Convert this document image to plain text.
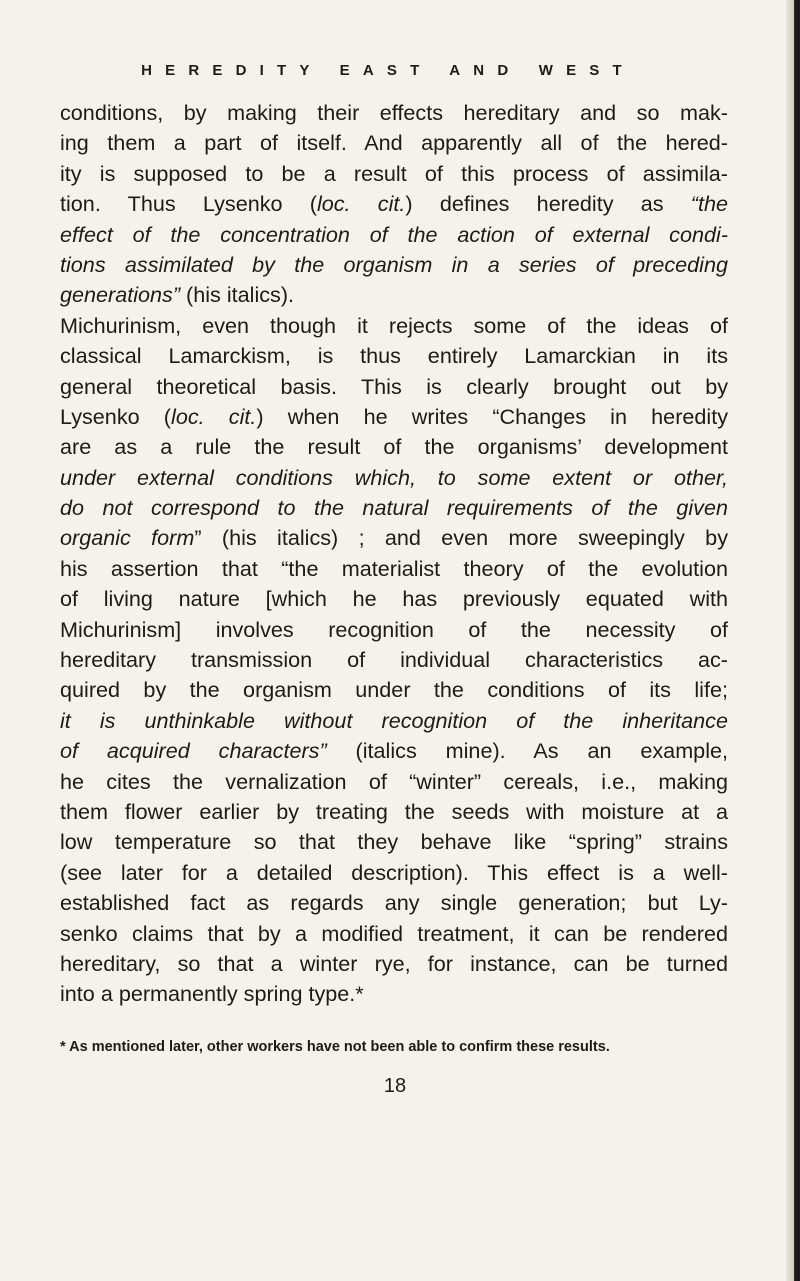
HEREDITY EAST AND WEST
conditions, by making their effects hereditary and so mak-
ing them a part of itself. And apparently all of the hered-
ity is supposed to be a result of this process of assimila-
tion. Thus Lysenko (loc. cit.) defines heredity as “the
effect of the concentration of the action of external condi-
tions assimilated by the organism in a series of preceding
generations” (his italics).
Michurinism, even though it rejects some of the ideas of
classical Lamarckism, is thus entirely Lamarckian in its
general theoretical basis. This is clearly brought out by
Lysenko (loc. cit.) when he writes “Changes in heredity
are as a rule the result of the organisms’ development
under external conditions which, to some extent or other,
do not correspond to the natural requirements of the given
organic form” (his italics) ; and even more sweepingly by
his assertion that “the materialist theory of the evolution
of living nature [which he has previously equated with
Michurinism] involves recognition of the necessity of
hereditary transmission of individual characteristics ac-
quired by the organism under the conditions of its life;
it is unthinkable without recognition of the inheritance
of acquired characters” (italics mine). As an example,
he cites the vernalization of “winter” cereals, i.e., making
them flower earlier by treating the seeds with moisture at a
low temperature so that they behave like “spring” strains
(see later for a detailed description). This effect is a well-
established fact as regards any single generation; but Ly-
senko claims that by a modified treatment, it can be rendered
hereditary, so that a winter rye, for instance, can be turned
into a permanently spring type.*
* As mentioned later, other workers have not been able to confirm these results.
18
